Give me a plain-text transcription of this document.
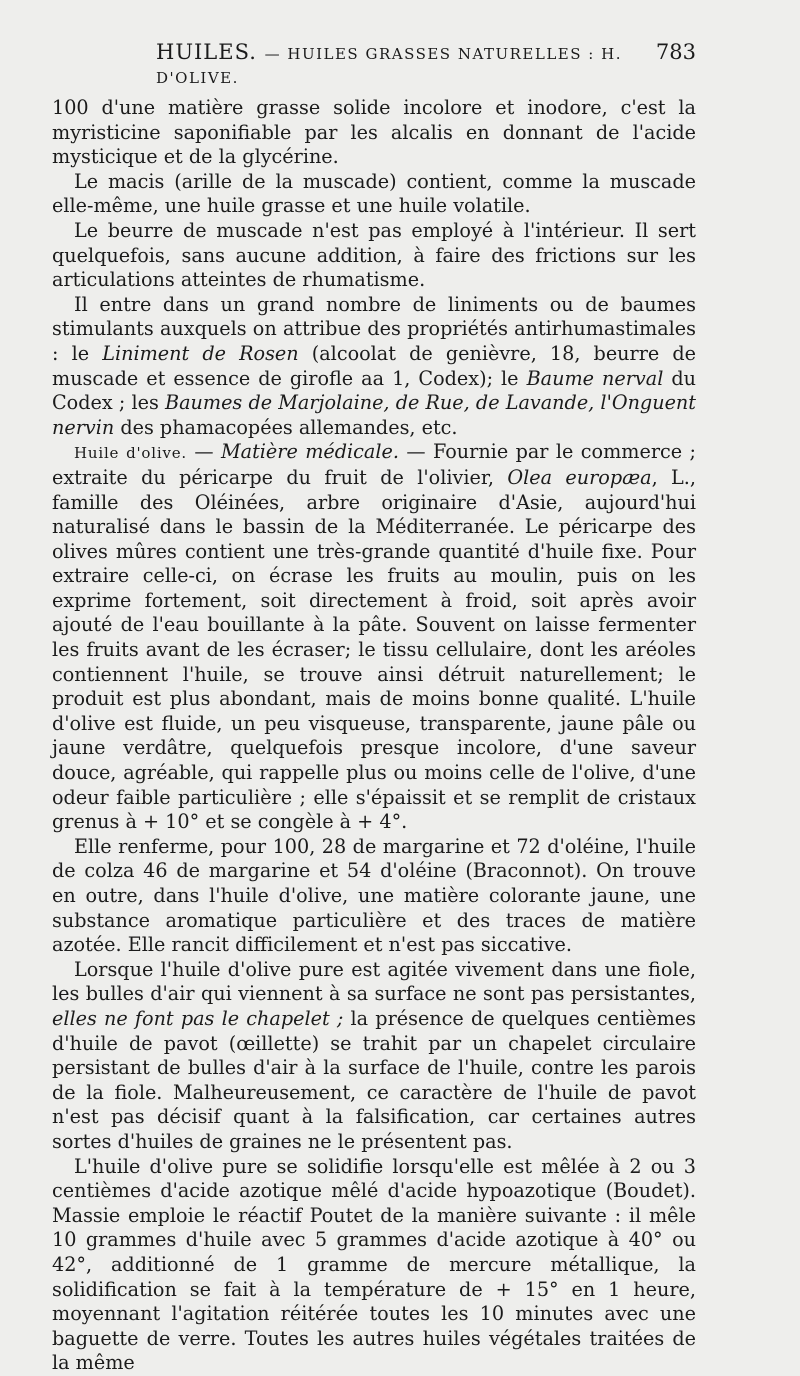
HUILES. — HUILES GRASSES NATURELLES : H. D'OLIVE.
783

100 d'une matière grasse solide incolore et inodore, c'est la myristicine saponifiable par les alcalis en donnant de l'acide mysticique et de la glycérine.

Le macis (arille de la muscade) contient, comme la muscade elle-même, une huile grasse et une huile volatile.

Le beurre de muscade n'est pas employé à l'intérieur. Il sert quelquefois, sans aucune addition, à faire des frictions sur les articulations atteintes de rhumatisme.

Il entre dans un grand nombre de liniments ou de baumes stimulants auxquels on attribue des propriétés antirhumastimales : le Liniment de Rosen (alcoolat de genièvre, 18, beurre de muscade et essence de girofle aa 1, Codex); le Baume nerval du Codex ; les Baumes de Marjolaine, de Rue, de Lavande, l'Onguent nervin des phamacopées allemandes, etc.

Huile d'olive. — Matière médicale. — Fournie par le commerce ; extraite du péricarpe du fruit de l'olivier, Olea europæa, L., famille des Oléinées, arbre originaire d'Asie, aujourd'hui naturalisé dans le bassin de la Méditerranée. Le péricarpe des olives mûres contient une très-grande quantité d'huile fixe. Pour extraire celle-ci, on écrase les fruits au moulin, puis on les exprime fortement, soit directement à froid, soit après avoir ajouté de l'eau bouillante à la pâte. Souvent on laisse fermenter les fruits avant de les écraser; le tissu cellulaire, dont les aréoles contiennent l'huile, se trouve ainsi détruit naturellement; le produit est plus abondant, mais de moins bonne qualité. L'huile d'olive est fluide, un peu visqueuse, transparente, jaune pâle ou jaune verdâtre, quelquefois presque incolore, d'une saveur douce, agréable, qui rappelle plus ou moins celle de l'olive, d'une odeur faible particulière ; elle s'épaissit et se remplit de cristaux grenus à + 10° et se congèle à + 4°.

Elle renferme, pour 100, 28 de margarine et 72 d'oléine, l'huile de colza 46 de margarine et 54 d'oléine (Braconnot). On trouve en outre, dans l'huile d'olive, une matière colorante jaune, une substance aromatique particulière et des traces de matière azotée. Elle rancit difficilement et n'est pas siccative.

Lorsque l'huile d'olive pure est agitée vivement dans une fiole, les bulles d'air qui viennent à sa surface ne sont pas persistantes, elles ne font pas le chapelet ; la présence de quelques centièmes d'huile de pavot (œillette) se trahit par un chapelet circulaire persistant de bulles d'air à la surface de l'huile, contre les parois de la fiole. Malheureusement, ce caractère de l'huile de pavot n'est pas décisif quant à la falsification, car certaines autres sortes d'huiles de graines ne le présentent pas.

L'huile d'olive pure se solidifie lorsqu'elle est mêlée à 2 ou 3 centièmes d'acide azotique mêlé d'acide hypoazotique (Boudet). Massie emploie le réactif Poutet de la manière suivante : il mêle 10 grammes d'huile avec 5 grammes d'acide azotique à 40° ou 42°, additionné de 1 gramme de mercure métallique, la solidification se fait à la température de + 15° en 1 heure, moyennant l'agitation réitérée toutes les 10 minutes avec une baguette de verre. Toutes les autres huiles végétales traitées de la même
